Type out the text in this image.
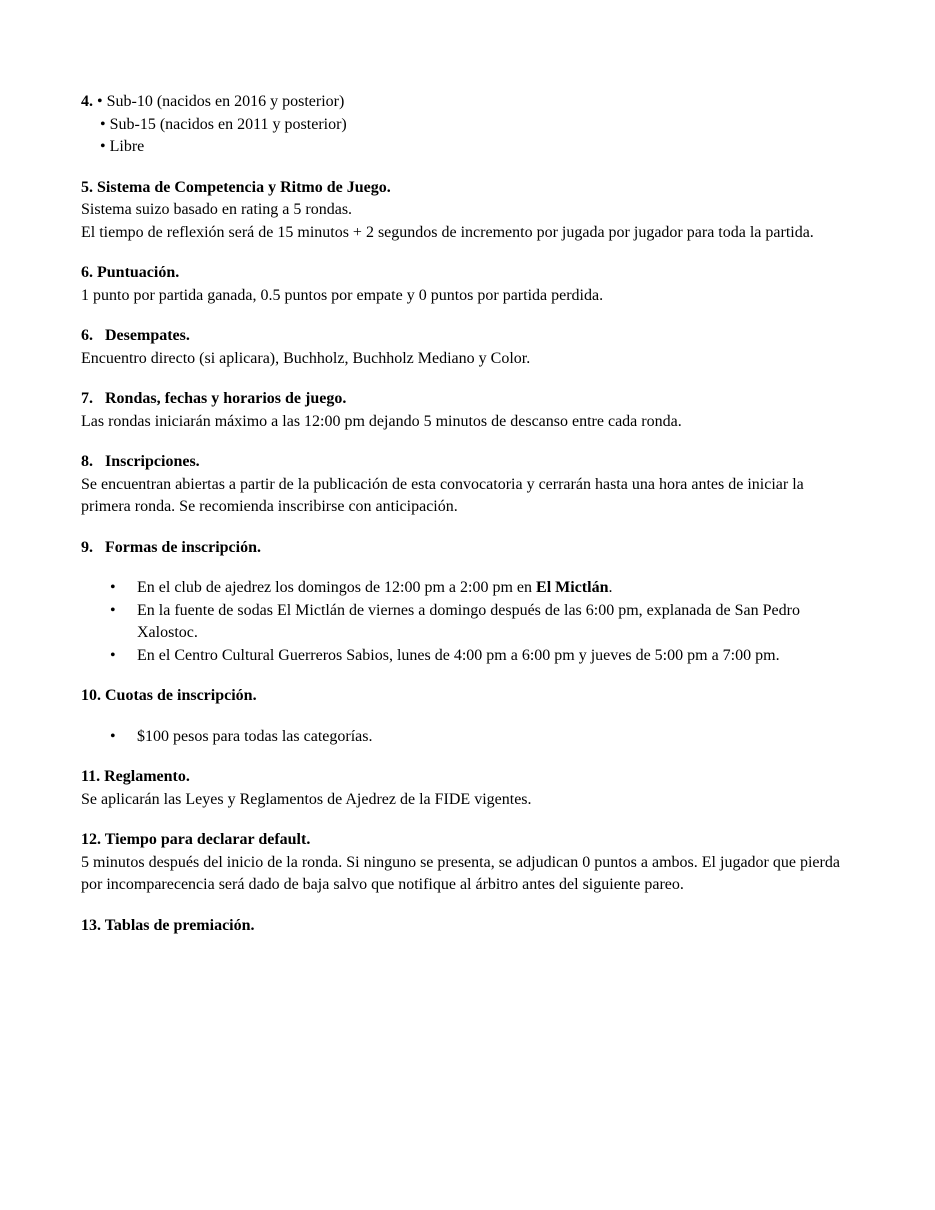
4. • Sub-10 (nacidos en 2016 y posterior)
• Sub-15 (nacidos en 2011 y posterior)
• Libre
5. Sistema de Competencia y Ritmo de Juego.
Sistema suizo basado en rating a 5 rondas.
El tiempo de reflexión será de 15 minutos + 2 segundos de incremento por jugada por jugador para toda la partida.
6. Puntuación.
1 punto por partida ganada, 0.5 puntos por empate y 0 puntos por partida perdida.
6.   Desempates.
Encuentro directo (si aplicara), Buchholz, Buchholz Mediano y Color.
7.   Rondas, fechas y horarios de juego.
Las rondas iniciarán máximo a las 12:00 pm dejando 5 minutos de descanso entre cada ronda.
8.   Inscripciones.
Se encuentran abiertas a partir de la publicación de esta convocatoria y cerrarán hasta una hora antes de iniciar la primera ronda. Se recomienda inscribirse con anticipación.
9.   Formas de inscripción.
• En el club de ajedrez los domingos de 12:00 pm a 2:00 pm en El Mictlán.
• En la fuente de sodas El Mictlán de viernes a domingo después de las 6:00 pm, explanada de San Pedro Xalostoc.
• En el Centro Cultural Guerreros Sabios, lunes de 4:00 pm a 6:00 pm y jueves de 5:00 pm a 7:00 pm.
10. Cuotas de inscripción.
• $100 pesos para todas las categorías.
11. Reglamento.
Se aplicarán las Leyes y Reglamentos de Ajedrez de la FIDE vigentes.
12. Tiempo para declarar default.
5 minutos después del inicio de la ronda. Si ninguno se presenta, se adjudican 0 puntos a ambos. El jugador que pierda por incomparecencia será dado de baja salvo que notifique al árbitro antes del siguiente pareo.
13. Tablas de premiación.
